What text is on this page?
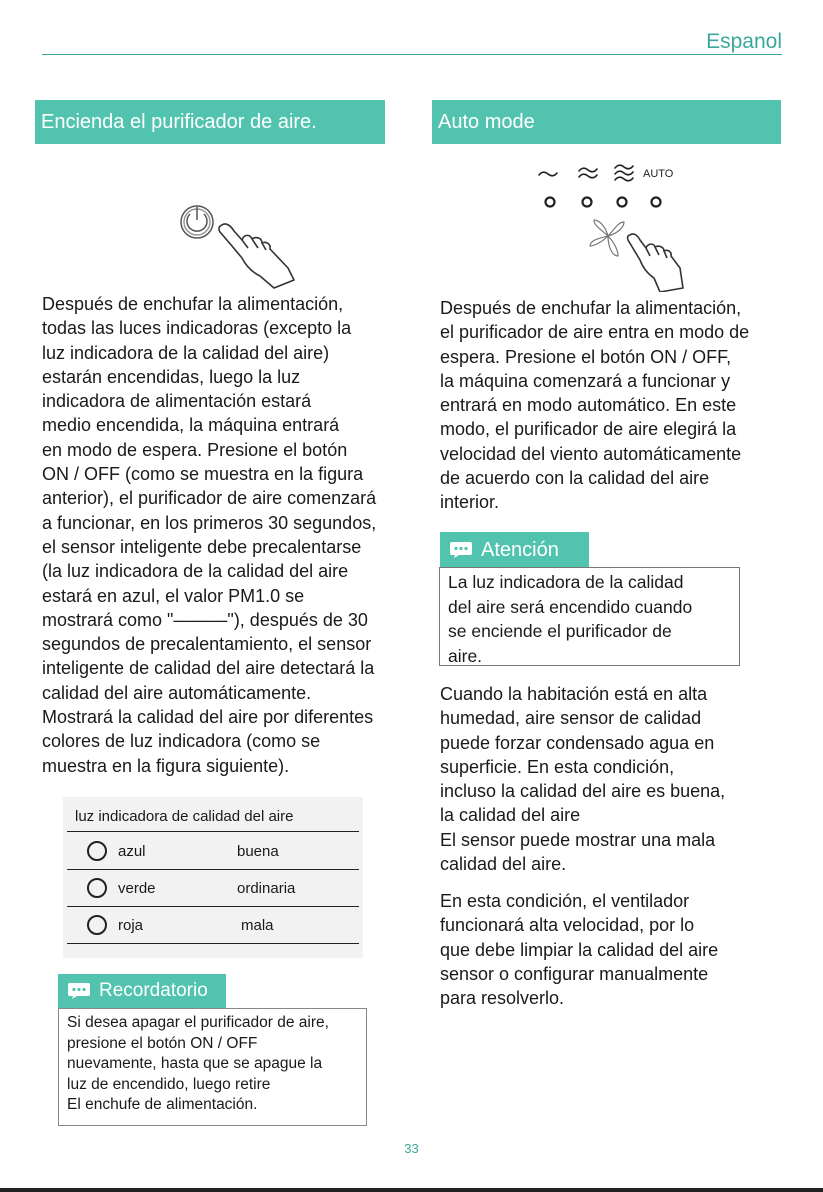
Espanol
Encienda el purificador de aire.
Después de enchufar la alimentación,
todas las luces indicadoras (excepto la
luz indicadora de la calidad del aire)
estarán encendidas, luego la luz
indicadora de alimentación estará
medio encendida, la máquina entrará
en modo de espera. Presione el botón
ON / OFF (como se muestra en la figura
anterior), el purificador de aire comenzará
a funcionar, en los primeros 30 segundos,
el sensor inteligente debe precalentarse
(la luz indicadora de la calidad del aire
estará en azul, el valor PM1.0 se
mostrará como "———"), después de 30
segundos de precalentamiento, el sensor
inteligente de calidad del aire detectará la
calidad del aire automáticamente.
Mostrará la calidad del aire por diferentes
colores de luz indicadora (como se
muestra en la figura siguiente).
luz indicadora de calidad del aire
azul	buena
verde	ordinaria
roja	mala
Recordatorio
Si desea apagar el purificador de aire,
presione el botón ON / OFF
nuevamente, hasta que se apague la
luz de encendido, luego retire
El enchufe de alimentación.
Auto mode
AUTO
Después de enchufar la alimentación,
el purificador de aire entra en modo de
espera. Presione el botón ON / OFF,
la máquina comenzará a funcionar y
entrará en modo automático. En este
modo, el purificador de aire elegirá la
velocidad del viento automáticamente
de acuerdo con la calidad del aire
interior.
Atención
La luz indicadora de la calidad
del aire será encendido cuando
se enciende el purificador de
aire.
Cuando la habitación está en alta
humedad, aire sensor de calidad
puede forzar condensado agua en
superficie. En esta condición,
incluso la calidad del aire es buena,
la calidad del aire
El sensor puede mostrar una mala
calidad del aire.
En esta condición, el ventilador
funcionará alta velocidad, por lo
que debe limpiar la calidad del aire
sensor o configurar manualmente
para resolverlo.
33
